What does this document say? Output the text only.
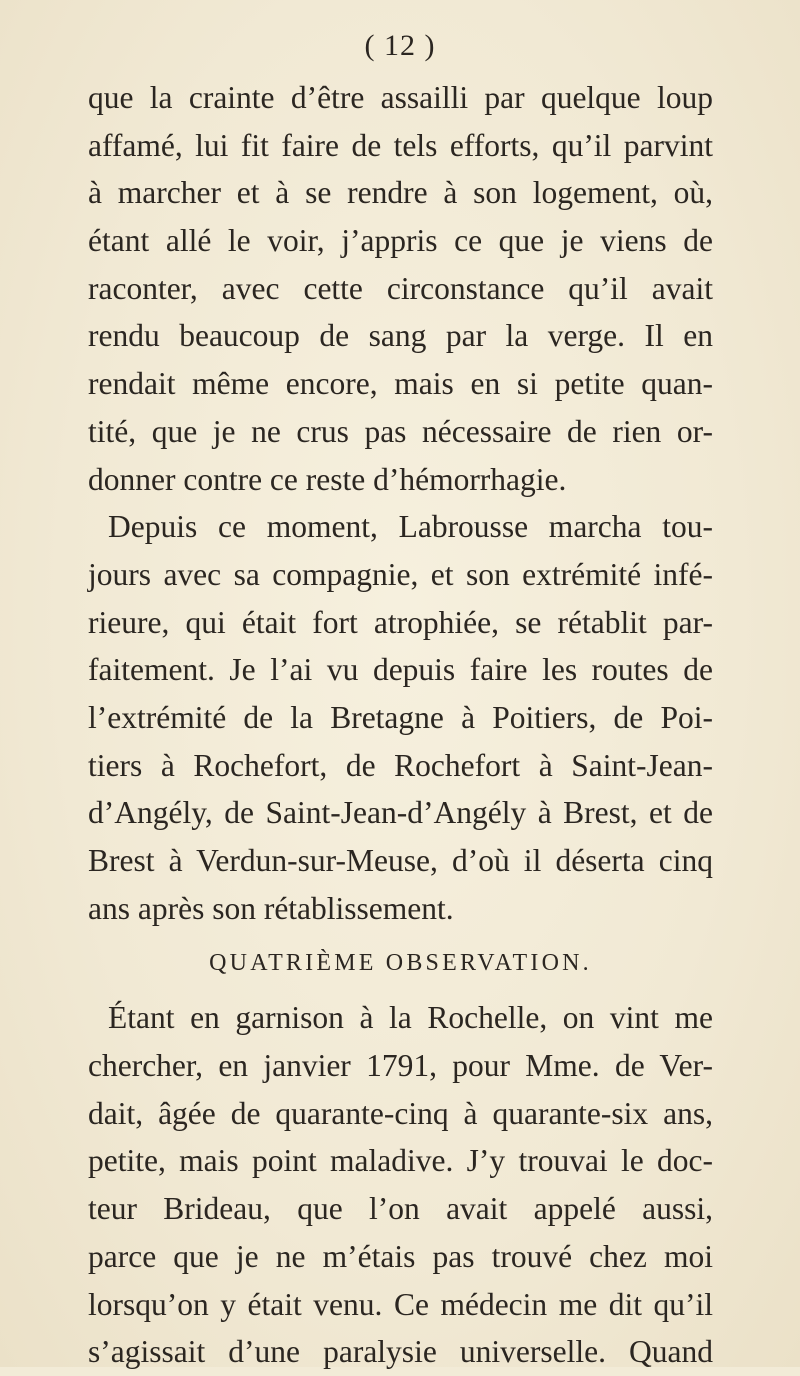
( 12 )
que la crainte d’être assailli par quelque loup
affamé, lui fit faire de tels efforts, qu’il parvint
à marcher et à se rendre à son logement, où,
étant allé le voir, j’appris ce que je viens de
raconter, avec cette circonstance qu’il avait
rendu beaucoup de sang par la verge. Il en
rendait même encore, mais en si petite quan-
tité, que je ne crus pas nécessaire de rien or-
donner contre ce reste d’hémorrhagie.
Depuis ce moment, Labrousse marcha tou-
jours avec sa compagnie, et son extrémité infé-
rieure, qui était fort atrophiée, se rétablit par-
faitement. Je l’ai vu depuis faire les routes de
l’extrémité de la Bretagne à Poitiers, de Poi-
tiers à Rochefort, de Rochefort à Saint-Jean-
d’Angély, de Saint-Jean-d’Angély à Brest, et de
Brest à Verdun-sur-Meuse, d’où il déserta cinq
ans après son rétablissement.
QUATRIÈME OBSERVATION.
Étant en garnison à la Rochelle, on vint me
chercher, en janvier 1791, pour Mme. de Ver-
dait, âgée de quarante-cinq à quarante-six ans,
petite, mais point maladive. J’y trouvai le doc-
teur Brideau, que l’on avait appelé aussi,
parce que je ne m’étais pas trouvé chez moi
lorsqu’on y était venu. Ce médecin me dit qu’il
s’agissait d’une paralysie universelle. Quand
